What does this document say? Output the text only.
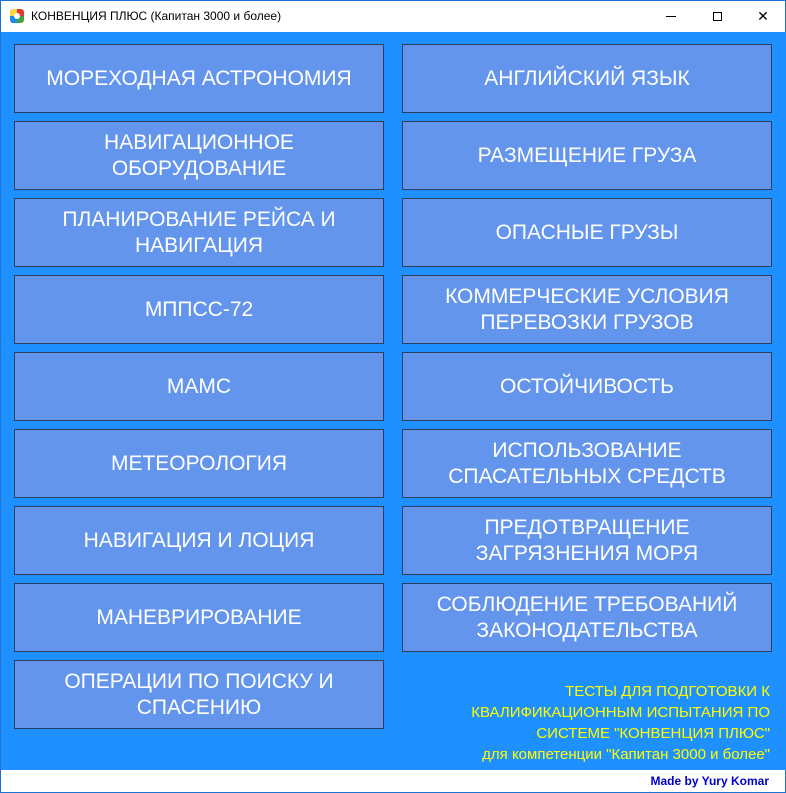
КОНВЕНЦИЯ ПЛЮС (Капитан 3000 и более)	✕
МОРЕХОДНАЯ АСТРОНОМИЯ
НАВИГАЦИОННОЕ ОБОРУДОВАНИЕ
ПЛАНИРОВАНИЕ РЕЙСА И НАВИГАЦИЯ
МППСС-72
МАМС
МЕТЕОРОЛОГИЯ
НАВИГАЦИЯ И ЛОЦИЯ
МАНЕВРИРОВАНИЕ
ОПЕРАЦИИ ПО ПОИСКУ И СПАСЕНИЮ
АНГЛИЙСКИЙ ЯЗЫК
РАЗМЕЩЕНИЕ ГРУЗА
ОПАСНЫЕ ГРУЗЫ
КОММЕРЧЕСКИЕ УСЛОВИЯ ПЕРЕВОЗКИ ГРУЗОВ
ОСТОЙЧИВОСТЬ
ИСПОЛЬЗОВАНИЕ СПАСАТЕЛЬНЫХ СРЕДСТВ
ПРЕДОТВРАЩЕНИЕ ЗАГРЯЗНЕНИЯ МОРЯ
СОБЛЮДЕНИЕ ТРЕБОВАНИЙ ЗАКОНОДАТЕЛЬСТВА
ТЕСТЫ ДЛЯ ПОДГОТОВКИ К
КВАЛИФИКАЦИОННЫМ ИСПЫТАНИЯ ПО
СИСТЕМЕ "КОНВЕНЦИЯ ПЛЮС"
для компетенции "Капитан 3000 и более"
Made by Yury Komar
